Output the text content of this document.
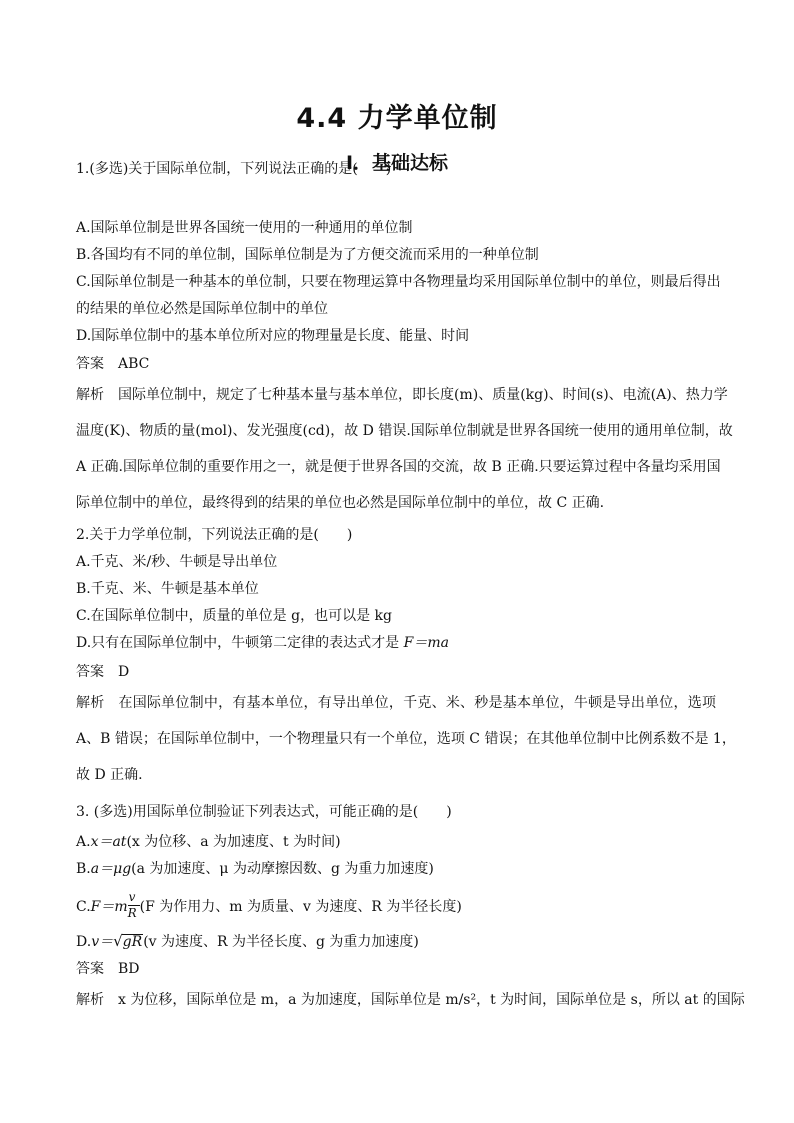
4.4 力学单位制
Ⅰ．基础达标
1.(多选)关于国际单位制，下列说法正确的是(　　)
A.国际单位制是世界各国统一使用的一种通用的单位制
B.各国均有不同的单位制，国际单位制是为了方便交流而采用的一种单位制
C.国际单位制是一种基本的单位制，只要在物理运算中各物理量均采用国际单位制中的单位，则最后得出
的结果的单位必然是国际单位制中的单位
D.国际单位制中的基本单位所对应的物理量是长度、能量、时间
答案 ABC
解析 国际单位制中，规定了七种基本量与基本单位，即长度(m)、质量(kg)、时间(s)、电流(A)、热力学
温度(K)、物质的量(mol)、发光强度(cd)，故 D 错误.国际单位制就是世界各国统一使用的通用单位制，故
A 正确.国际单位制的重要作用之一，就是便于世界各国的交流，故 B 正确.只要运算过程中各量均采用国
际单位制中的单位，最终得到的结果的单位也必然是国际单位制中的单位，故 C 正确.
2.关于力学单位制，下列说法正确的是(　　)
A.千克、米/秒、牛顿是导出单位
B.千克、米、牛顿是基本单位
C.在国际单位制中，质量的单位是 g，也可以是 kg
D.只有在国际单位制中，牛顿第二定律的表达式才是 F＝ma
答案 D
解析 在国际单位制中，有基本单位，有导出单位，千克、米、秒是基本单位，牛顿是导出单位，选项
A、B 错误；在国际单位制中，一个物理量只有一个单位，选项 C 错误；在其他单位制中比例系数不是 1，
故 D 正确.
3. (多选)用国际单位制验证下列表达式，可能正确的是(　　)
A.x＝at(x 为位移、a 为加速度、t 为时间)
B.a＝μg(a 为加速度、μ 为动摩擦因数、g 为重力加速度)
$C.F=m \frac{v}{R} (F$ 为作用力、m 为质量、v 为速度、R 为半径长度)
D.v＝√gR(v 为速度、R 为半径长度、g 为重力加速度)
答案 BD
解析 x 为位移，国际单位是 m，a 为加速度，国际单位是 m/s²，t 为时间，国际单位是 s，所以 at 的国际
